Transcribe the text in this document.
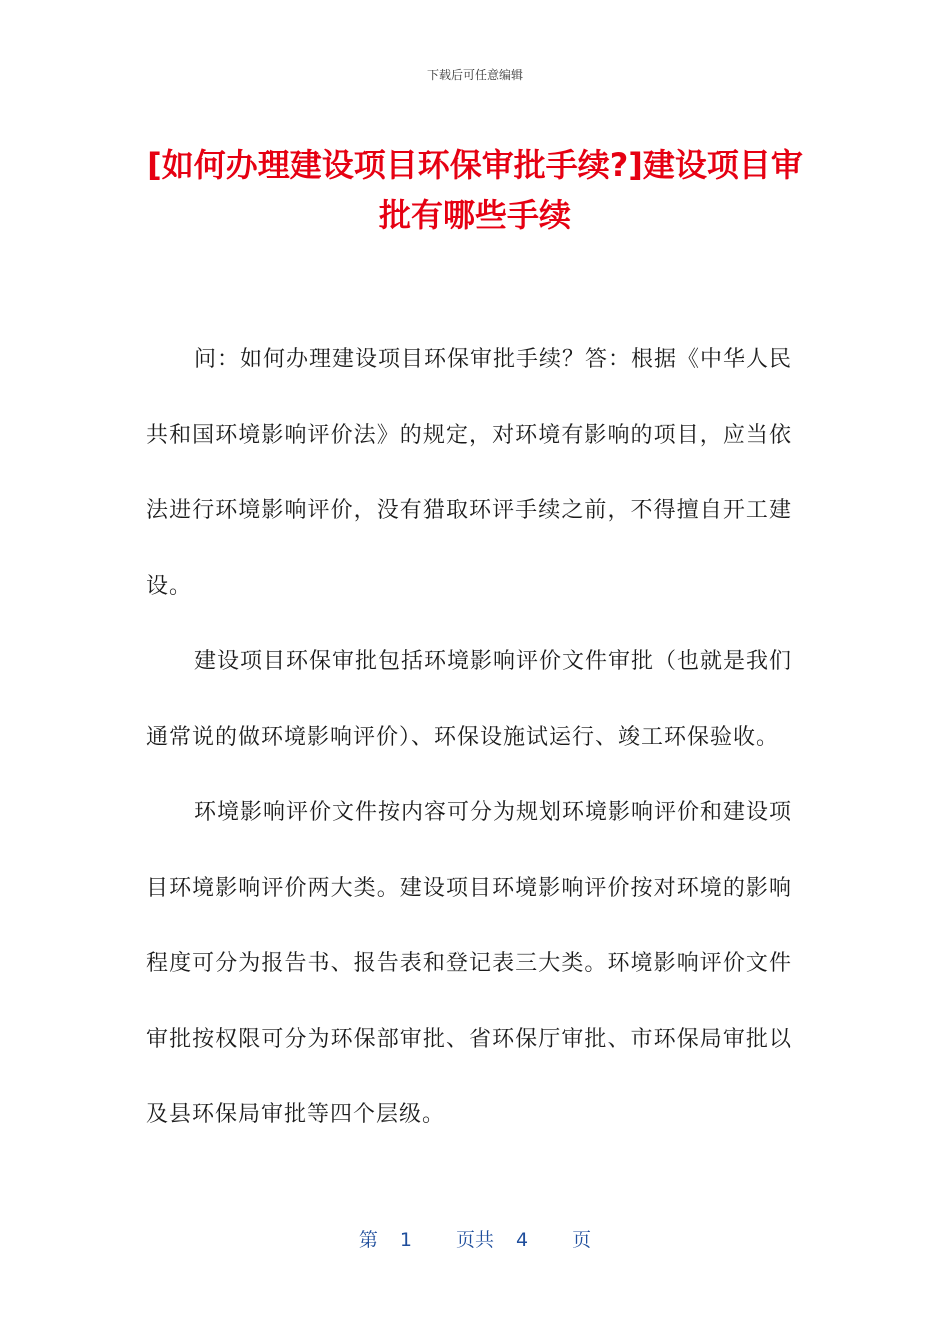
下载后可任意编辑
[如何办理建设项目环保审批手续?]建设项目审批有哪些手续

问：如何办理建设项目环保审批手续？答：根据《中华人民共和国环境影响评价法》的规定，对环境有影响的项目，应当依法进行环境影响评价，没有猎取环评手续之前，不得擅自开工建设。

建设项目环保审批包括环境影响评价文件审批（也就是我们通常说的做环境影响评价）、环保设施试运行、竣工环保验收。

环境影响评价文件按内容可分为规划环境影响评价和建设项目环境影响评价两大类。建设项目环境影响评价按对环境的影响程度可分为报告书、报告表和登记表三大类。环境影响评价文件审批按权限可分为环保部审批、省环保厅审批、市环保局审批以及县环保局审批等四个层级。

第 1 页共 4 页
